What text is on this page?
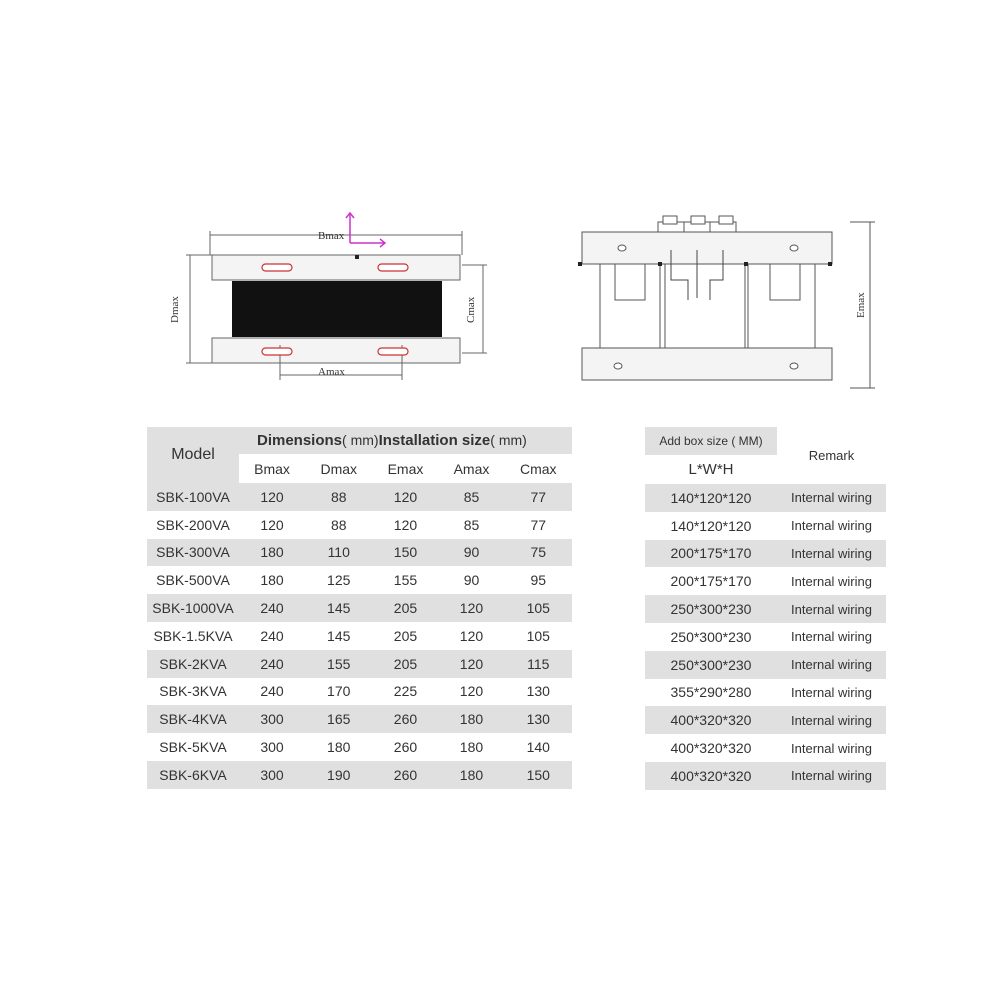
Bmax
Amax
Dmax	Cmax	Emax
Model	Dimensions( mm)Installation size( mm)				
	Bmax	Dmax	Emax	Amax	Cmax
SBK-100VA	120	88	120	85	77
SBK-200VA	120	88	120	85	77
SBK-300VA	180	110	150	90	75
SBK-500VA	180	125	155	90	95
SBK-1000VA	240	145	205	120	105
SBK-1.5KVA	240	145	205	120	105
SBK-2KVA	240	155	205	120	115
SBK-3KVA	240	170	225	120	130
SBK-4KVA	300	165	260	180	130
SBK-5KVA	300	180	260	180	140
SBK-6KVA	300	190	260	180	150
Add box size ( MM)	Remark
L*W*H	
140*120*120	Internal wiring
140*120*120	Internal wiring
200*175*170	Internal wiring
200*175*170	Internal wiring
250*300*230	Internal wiring
250*300*230	Internal wiring
250*300*230	Internal wiring
355*290*280	Internal wiring
400*320*320	Internal wiring
400*320*320	Internal wiring
400*320*320	Internal wiring
